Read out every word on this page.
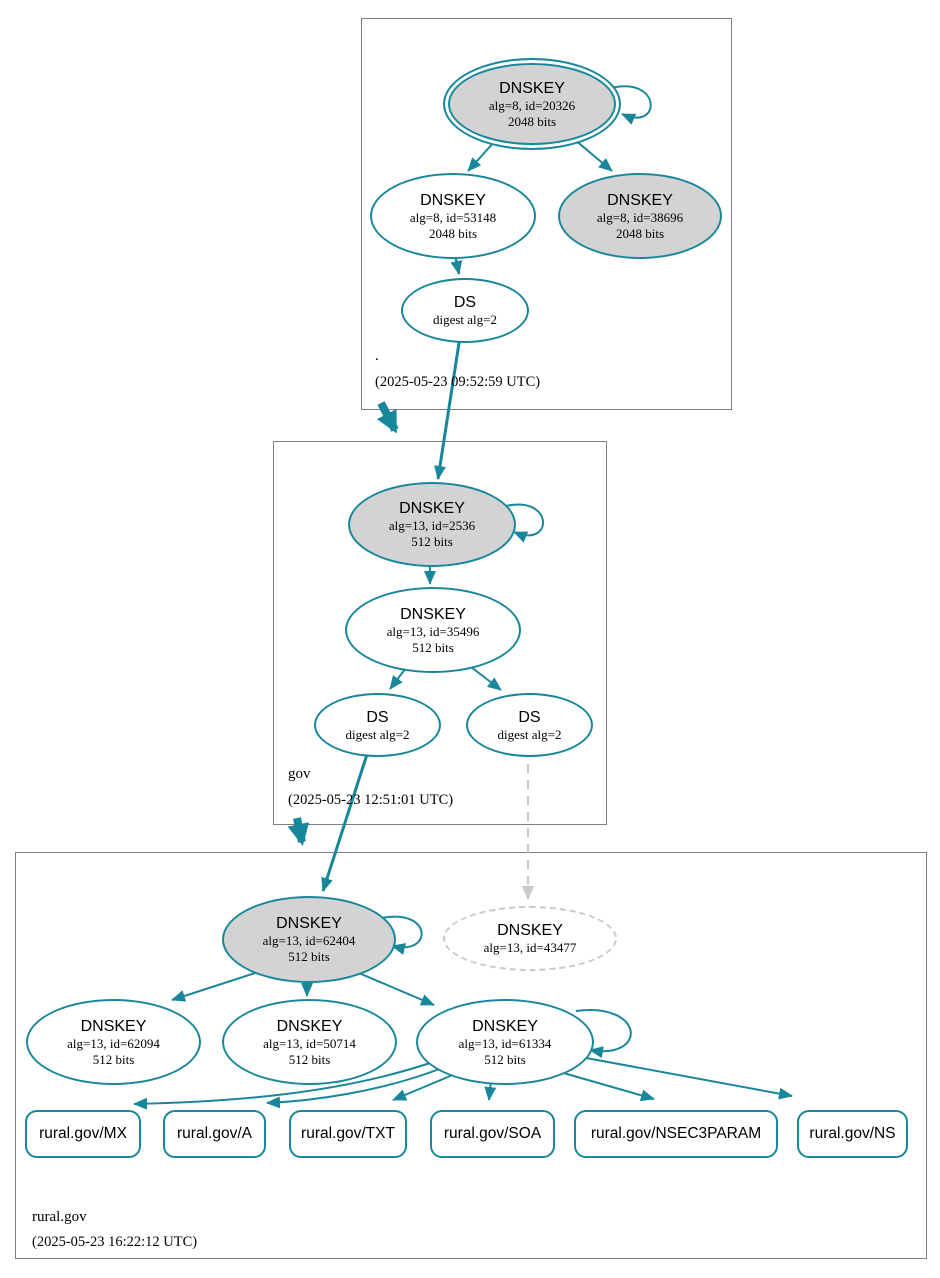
DNSKEY
alg=8, id=20326
2048 bits
DNSKEY
alg=8, id=53148
2048 bits
DNSKEY
alg=8, id=38696
2048 bits
DS
digest alg=2
.
(2025-05-23 09:52:59 UTC)
DNSKEY
alg=13, id=2536
512 bits
DNSKEY
alg=13, id=35496
512 bits
DS
digest alg=2
DS
digest alg=2
gov
(2025-05-23 12:51:01 UTC)
DNSKEY
alg=13, id=62404
512 bits
DNSKEY
alg=13, id=43477
DNSKEY
alg=13, id=62094
512 bits
DNSKEY
alg=13, id=50714
512 bits
DNSKEY
alg=13, id=61334
512 bits
rural.gov/MX	rural.gov/A	rural.gov/TXT	rural.gov/SOA	rural.gov/NSEC3PARAM	rural.gov/NS
rural.gov
(2025-05-23 16:22:12 UTC)
